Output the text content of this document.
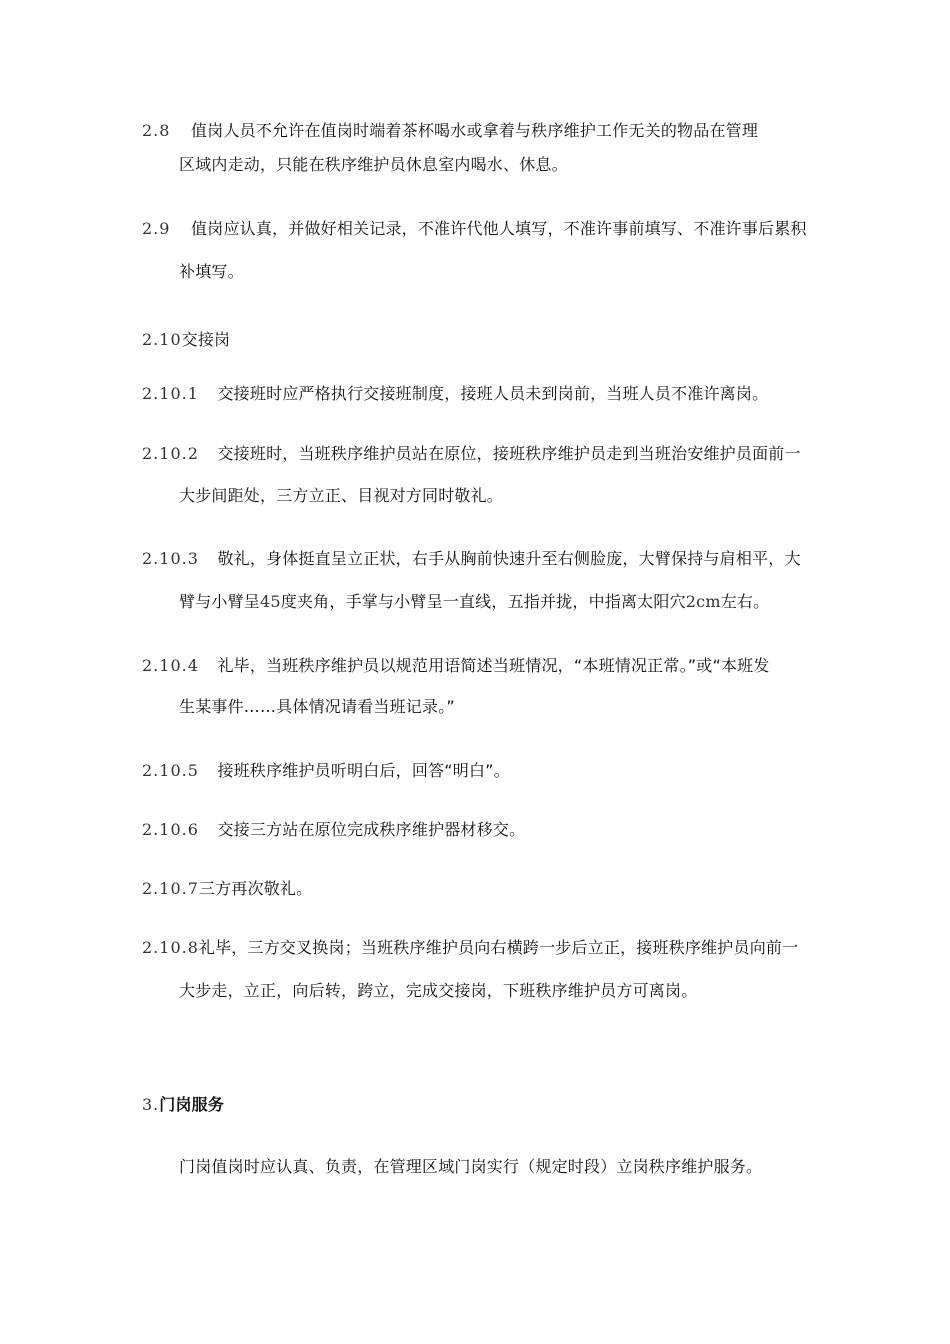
2.8 值岗人员不允许在值岗时端着茶杯喝水或拿着与秩序维护工作无关的物品在管理
区域内走动，只能在秩序维护员休息室内喝水、休息。
2.9 值岗应认真，并做好相关记录，不准许代他人填写，不准许事前填写、不准许事后累积
补填写。
2.10交接岗
2.10.1 交接班时应严格执行交接班制度，接班人员未到岗前，当班人员不准许离岗。
2.10.2 交接班时，当班秩序维护员站在原位，接班秩序维护员走到当班治安维护员面前一
大步间距处，三方立正、目视对方同时敬礼。
2.10.3 敬礼，身体挺直呈立正状，右手从胸前快速升至右侧脸庞，大臂保持与肩相平，大
臂与小臂呈45度夹角，手掌与小臂呈一直线，五指并拢，中指离太阳穴2cm左右。
2.10.4 礼毕，当班秩序维护员以规范用语简述当班情况，“本班情况正常。”或“本班发
生某事件……具体情况请看当班记录。”
2.10.5 接班秩序维护员听明白后，回答“明白”。
2.10.6 交接三方站在原位完成秩序维护器材移交。
2.10.7三方再次敬礼。
2.10.8礼毕，三方交叉换岗；当班秩序维护员向右横跨一步后立正，接班秩序维护员向前一
大步走，立正，向后转，跨立，完成交接岗，下班秩序维护员方可离岗。
3.门岗服务
门岗值岗时应认真、负责，在管理区域门岗实行（规定时段）立岗秩序维护服务。
